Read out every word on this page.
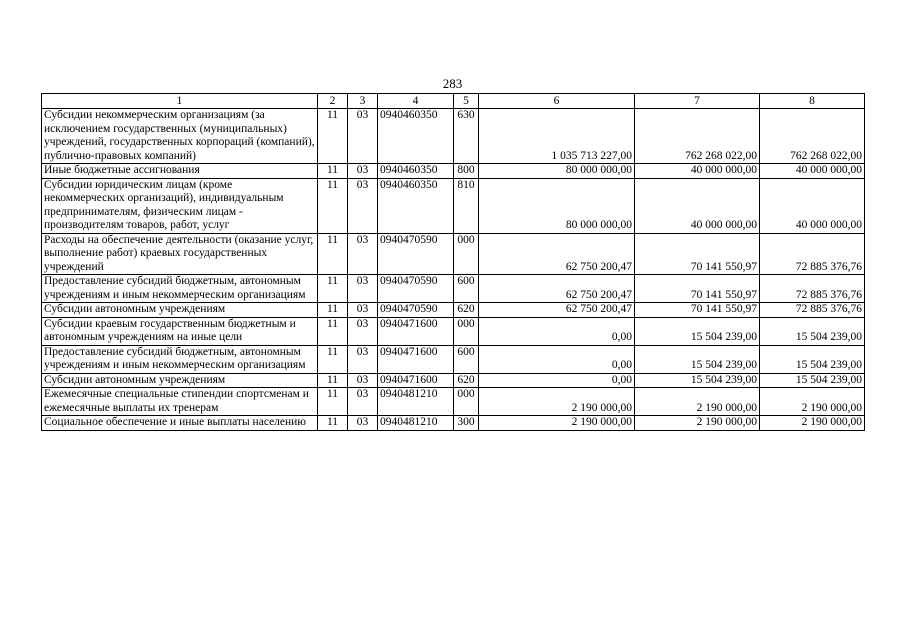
283
1	2	3	4	5	6	7	8
Субсидии некоммерческим организациям (за исключением государственных (муниципальных) учреждений, государственных корпораций (компаний), публично-правовых компаний)	11	03	0940460350	630	1 035 713 227,00	762 268 022,00	762 268 022,00
Иные бюджетные ассигнования	11	03	0940460350	800	80 000 000,00	40 000 000,00	40 000 000,00
Субсидии юридическим лицам (кроме некоммерческих организаций), индивидуальным предпринимателям, физическим лицам - производителям товаров, работ, услуг	11	03	0940460350	810	80 000 000,00	40 000 000,00	40 000 000,00
Расходы на обеспечение деятельности (оказание услуг, выполнение работ) краевых государственных учреждений	11	03	0940470590	000	62 750 200,47	70 141 550,97	72 885 376,76
Предоставление субсидий бюджетным, автономным учреждениям и иным некоммерческим организациям	11	03	0940470590	600	62 750 200,47	70 141 550,97	72 885 376,76
Субсидии автономным учреждениям	11	03	0940470590	620	62 750 200,47	70 141 550,97	72 885 376,76
Субсидии краевым государственным бюджетным и автономным учреждениям на иные цели	11	03	0940471600	000	0,00	15 504 239,00	15 504 239,00
Предоставление субсидий бюджетным, автономным учреждениям и иным некоммерческим организациям	11	03	0940471600	600	0,00	15 504 239,00	15 504 239,00
Субсидии автономным учреждениям	11	03	0940471600	620	0,00	15 504 239,00	15 504 239,00
Ежемесячные специальные стипендии спортсменам и ежемесячные выплаты их тренерам	11	03	0940481210	000	2 190 000,00	2 190 000,00	2 190 000,00
Социальное обеспечение и иные выплаты населению	11	03	0940481210	300	2 190 000,00	2 190 000,00	2 190 000,00
